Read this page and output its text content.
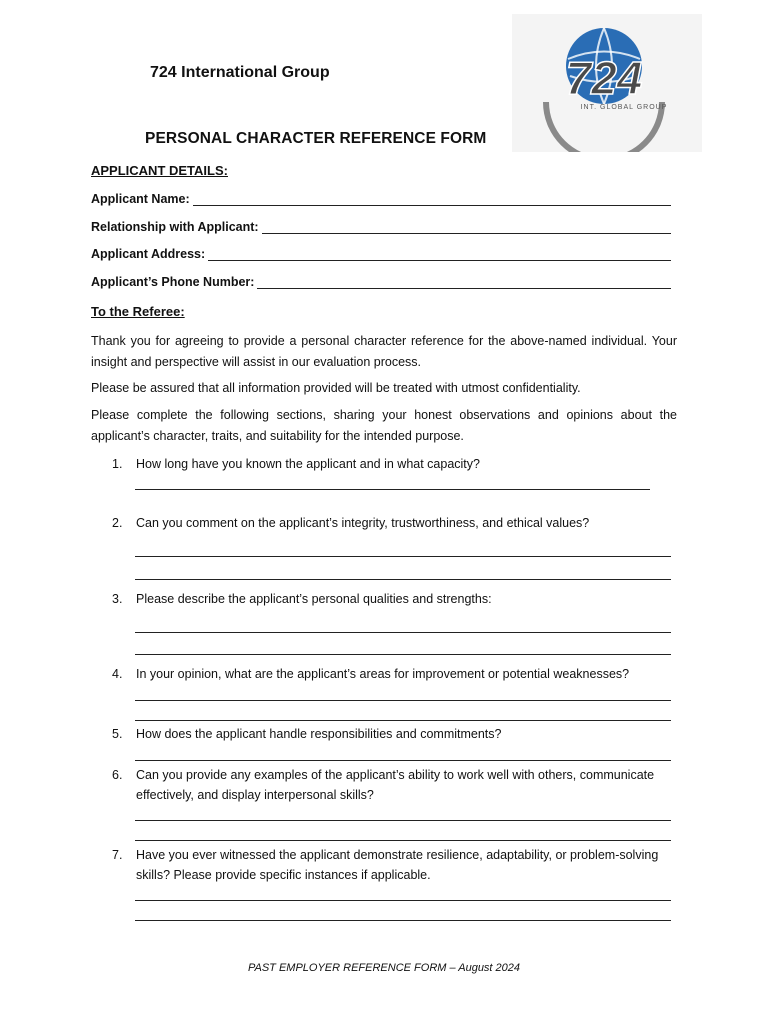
724 International Group	724
INT. GLOBAL GROUP
PERSONAL CHARACTER REFERENCE FORM
APPLICANT DETAILS:
Applicant Name:
Relationship with Applicant:
Applicant Address:
Applicant’s Phone Number:
To the Referee:
Thank you for agreeing to provide a personal character reference for the above-named individual. Your insight and perspective will assist in our evaluation process.
Please be assured that all information provided will be treated with utmost confidentiality.
Please complete the following sections, sharing your honest observations and opinions about the applicant’s character, traits, and suitability for the intended purpose.
1.	How long have you known the applicant and in what capacity?
2.	Can you comment on the applicant’s integrity, trustworthiness, and ethical values?
3.	Please describe the applicant’s personal qualities and strengths:
4.	In your opinion, what are the applicant’s areas for improvement or potential weaknesses?
5.	How does the applicant handle responsibilities and commitments?
6.	Can you provide any examples of the applicant’s ability to work well with others, communicate effectively, and display interpersonal skills?
7.	Have you ever witnessed the applicant demonstrate resilience, adaptability, or problem-solving skills? Please provide specific instances if applicable.
PAST EMPLOYER REFERENCE FORM – August 2024
